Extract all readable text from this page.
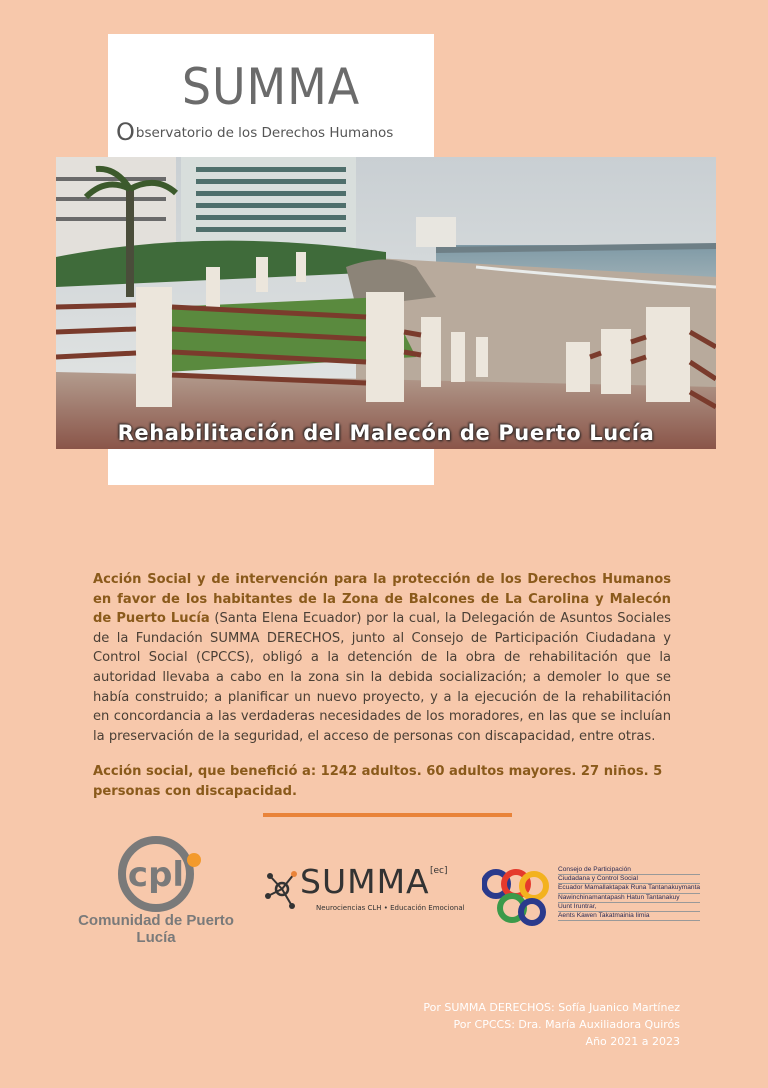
SUMMA
Observatorio de los Derechos Humanos
Rehabilitación del Malecón de Puerto Lucía
Acción Social y de intervención para la protección de los Derechos Humanos en favor de los habitantes de la Zona de Balcones de La Carolina y Malecón de Puerto Lucía (Santa Elena Ecuador) por la cual, la Delegación de Asuntos Sociales de la Fundación SUMMA DERECHOS, junto al Consejo de Participación Ciudadana y Control Social (CPCCS), obligó a la detención de la obra de rehabilitación que la autoridad llevaba a cabo en la zona sin la debida socialización; a demoler lo que se había construido; a planificar un nuevo proyecto, y a la ejecución de la rehabilitación en concordancia a las verdaderas necesidades de los moradores, en las que se incluían la preservación de la seguridad, el acceso de personas con discapacidad, entre otras.
Acción social, que benefició a: 1242 adultos. 60 adultos mayores. 27 niños. 5 personas con discapacidad.
cpl
Comunidad de Puerto Lucía
SUMMA [ec]
Neurociencias CLH • Educación Emocional
Consejo de Participación
Ciudadana y Control Social
Ecuador Mamallaktapak Runa Tantanakuymanta
Nawinchinamantapash Hatun Tantanakuy
Uunt Iruntrar,
Aents Kawen Takatmainia Iimia
Por SUMMA DERECHOS: Sofía Juanico Martínez
Por CPCCS: Dra. María Auxiliadora Quirós
Año 2021 a 2023
